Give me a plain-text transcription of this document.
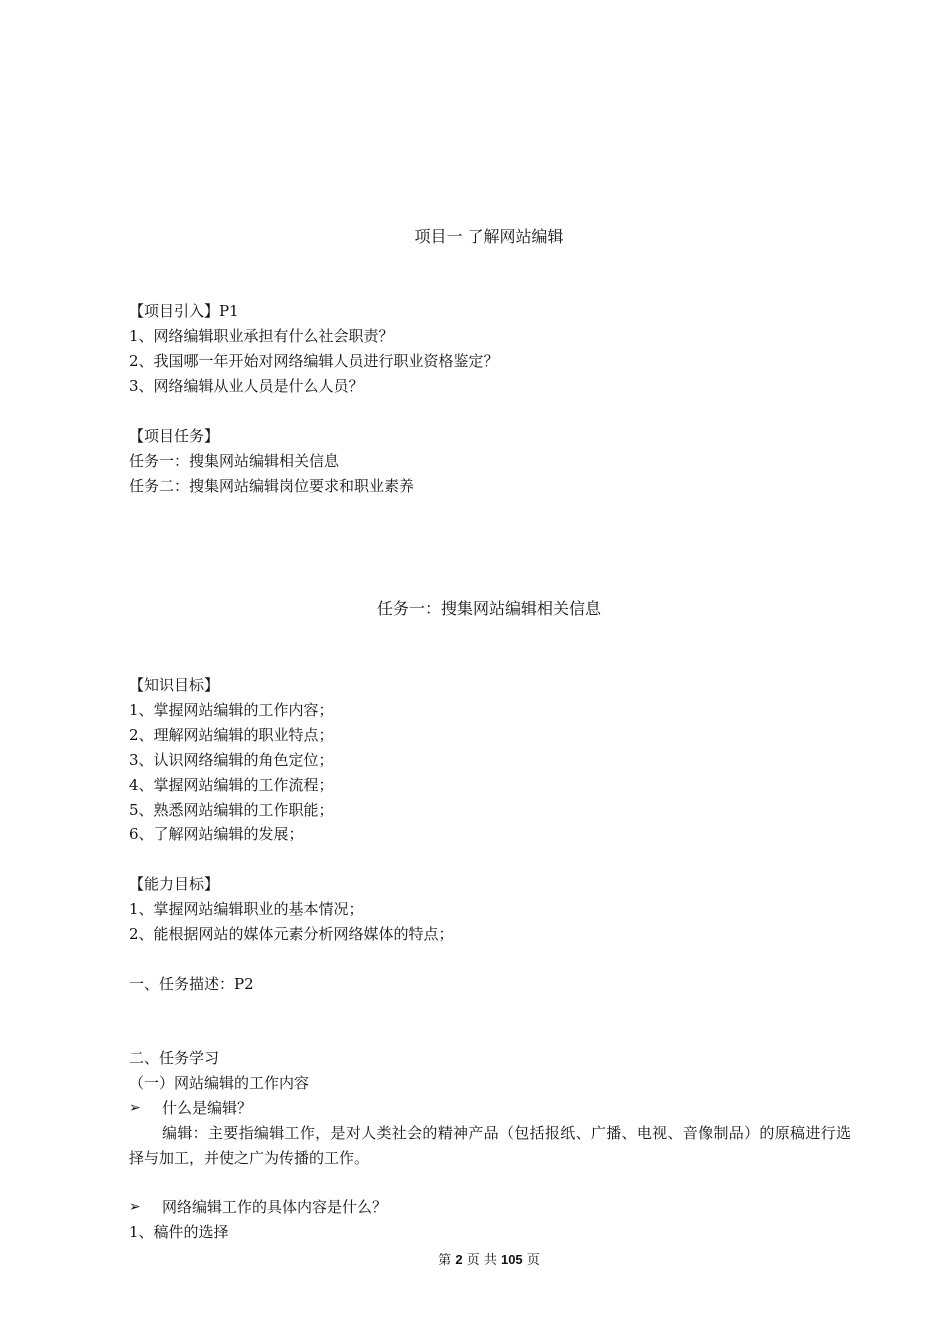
项目一 了解网站编辑
【项目引入】P1
1、网络编辑职业承担有什么社会职责？
2、我国哪一年开始对网络编辑人员进行职业资格鉴定？
3、网络编辑从业人员是什么人员？
【项目任务】
任务一：搜集网站编辑相关信息
任务二：搜集网站编辑岗位要求和职业素养
任务一：搜集网站编辑相关信息
【知识目标】
1、掌握网站编辑的工作内容；
2、理解网站编辑的职业特点；
3、认识网络编辑的角色定位；
4、掌握网站编辑的工作流程；
5、熟悉网站编辑的工作职能；
6、了解网站编辑的发展；
【能力目标】
1、掌握网站编辑职业的基本情况；
2、能根据网站的媒体元素分析网络媒体的特点；
一、任务描述：P2
二、任务学习
（一）网站编辑的工作内容
➢ 什么是编辑？
编辑：主要指编辑工作，是对人类社会的精神产品（包括报纸、广播、电视、音像制品）的原稿进行选择与加工，并使之广为传播的工作。
➢ 网络编辑工作的具体内容是什么？
1、稿件的选择
第 2 页 共 105 页
